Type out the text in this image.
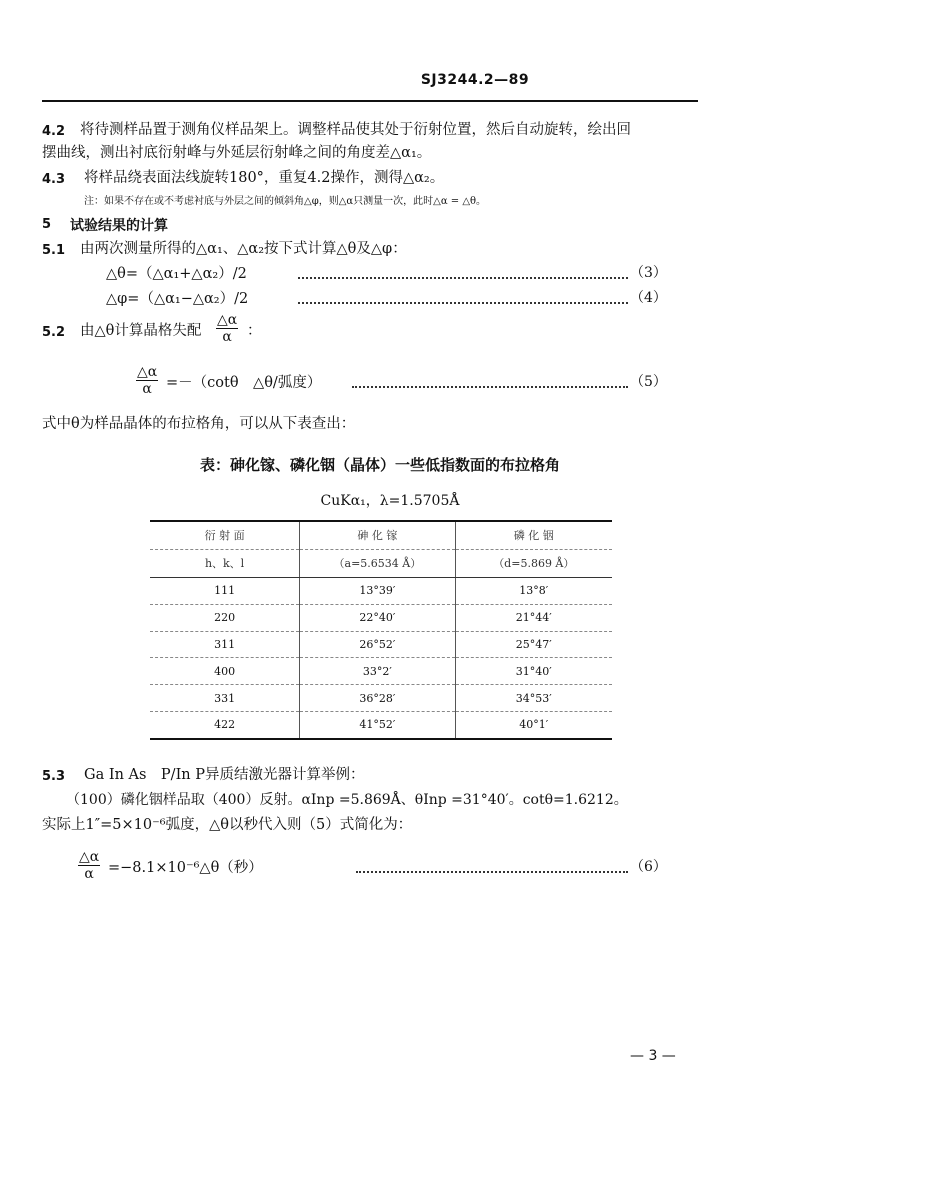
SJ3244.2—89
4.2 将待测样品置于测角仪样品架上。调整样品使其处于衍射位置，然后自动旋转，绘出回
摆曲线，测出衬底衍射峰与外延层衍射峰之间的角度差△α₁。
4.3 将样品绕表面法线旋转180°，重复4.2操作，测得△α₂。
注：如果不存在或不考虑衬底与外层之间的倾斜角△φ，则△α只测量一次，此时△α = △θ。
5 试验结果的计算
5.1 由两次测量所得的△α₁、△α₂按下式计算△θ及△φ：
△θ=（△α₁+△α₂）/2	（3）
△φ=（△α₁−△α₂）/2	（4）
5.2 由△θ计算晶格失配 $\frac{\triangle\alpha}{\alpha}$ ：
$\frac{\triangle\alpha}{\alpha} =-(\cot\theta$　△θ/弧度）	（5）
式中θ为样品晶体的布拉格角，可以从下表查出：
表：砷化镓、磷化铟（晶体）一些低指数面的布拉格角
CuKα₁，λ=1.5705Å
衍 射 面	砷 化 镓	磷 化 铟
h、k、l	（a=5.6534 Å）	（d=5.869 Å）
111	13°39′	13°8′
220	22°40′	21°44′
311	26°52′	25°47′
400	33°2′	31°40′
331	36°28′	34°53′
422	41°52′	40°1′
5.3 Ga In As　P/In P异质结激光器计算举例：
（100）磷化铟样品取（400）反射。αInp =5.869Å、θInp =31°40′。cotθ=1.6212。
实际上1″=5×10⁻⁶弧度，△θ以秒代入则（5）式简化为：
$\frac{\triangle\alpha}{\alpha}$ =−8.1×10⁻⁶△θ（秒）	（6）
— 3 —
